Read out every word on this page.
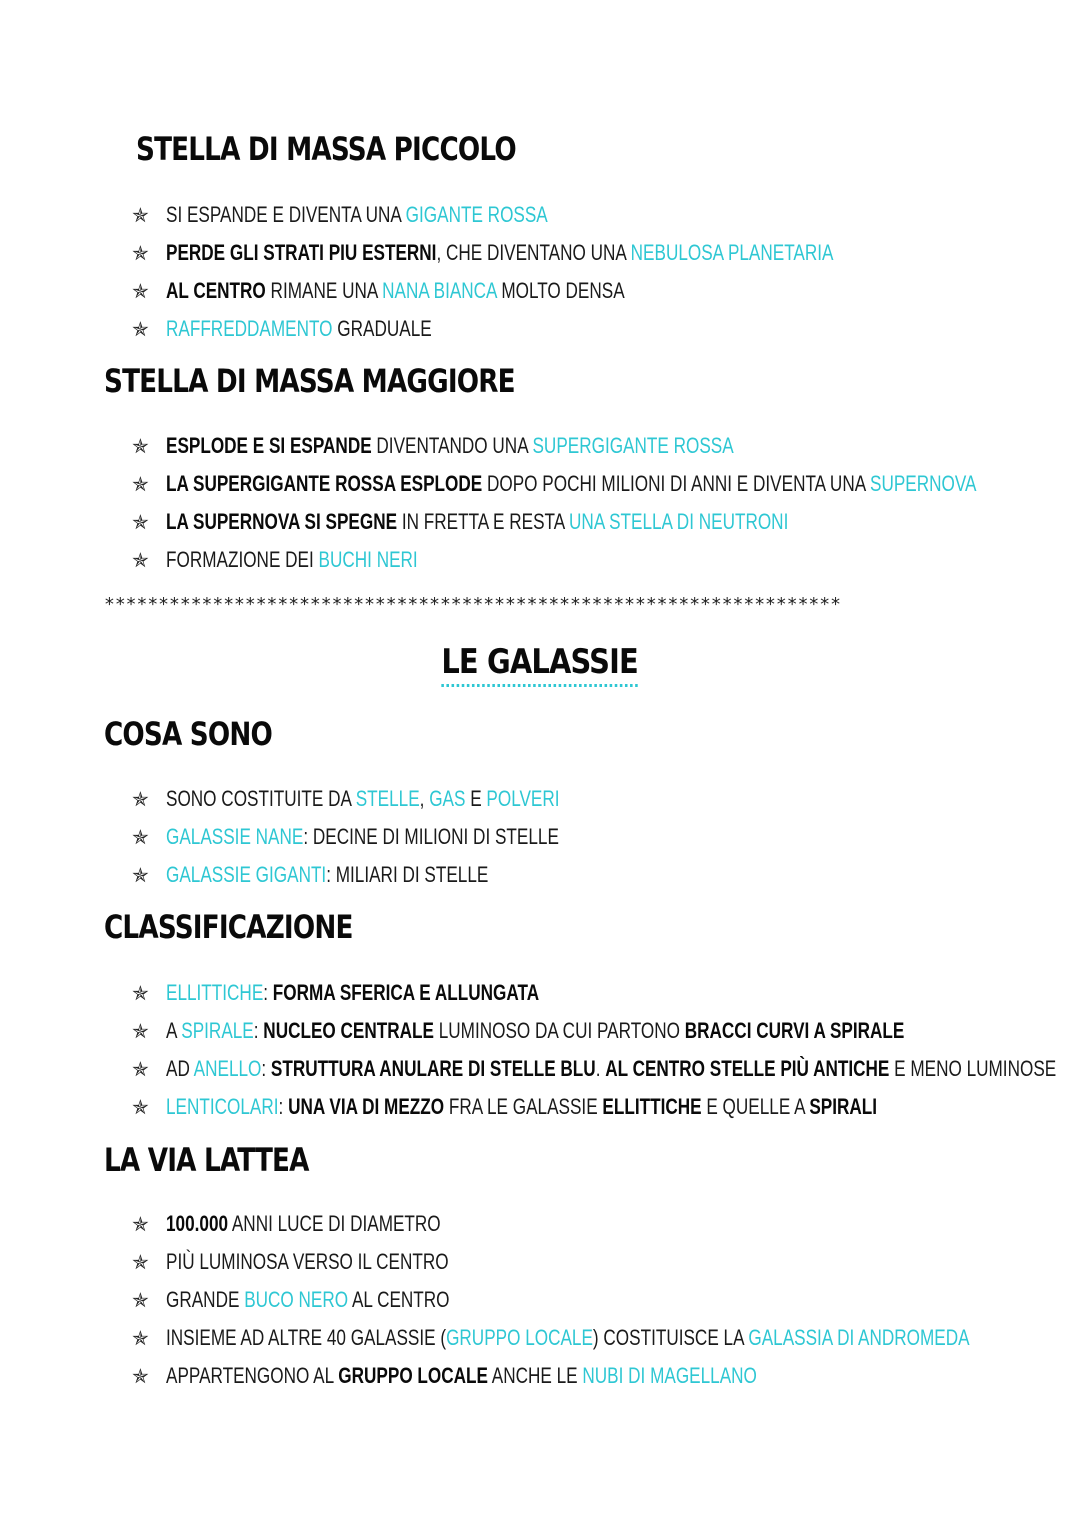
STELLA DI MASSA PICCOLO
✯ SI ESPANDE E DIVENTA UNA GIGANTE ROSSA
✯ PERDE GLI STRATI PIU ESTERNI, CHE DIVENTANO UNA NEBULOSA PLANETARIA
✯ AL CENTRO RIMANE UNA NANA BIANCA MOLTO DENSA
✯ RAFFREDDAMENTO GRADUALE
STELLA DI MASSA MAGGIORE
✯ ESPLODE E SI ESPANDE DIVENTANDO UNA SUPERGIGANTE ROSSA
✯ LA SUPERGIGANTE ROSSA ESPLODE DOPO POCHI MILIONI DI ANNI E DIVENTA UNA SUPERNOVA
✯ LA SUPERNOVA SI SPEGNE IN FRETTA E RESTA UNA STELLA DI NEUTRONI
✯ FORMAZIONE DEI BUCHI NERI
********************************************************************
LE GALASSIE
COSA SONO
✯ SONO COSTITUITE DA STELLE, GAS E POLVERI
✯ GALASSIE NANE: DECINE DI MILIONI DI STELLE
✯ GALASSIE GIGANTI: MILIARI DI STELLE
CLASSIFICAZIONE
✯ ELLITTICHE: FORMA SFERICA E ALLUNGATA
✯ A SPIRALE: NUCLEO CENTRALE LUMINOSO DA CUI PARTONO BRACCI CURVI A SPIRALE
✯ AD ANELLO: STRUTTURA ANULARE DI STELLE BLU. AL CENTRO STELLE PIÙ ANTICHE E MENO LUMINOSE
✯ LENTICOLARI: UNA VIA DI MEZZO FRA LE GALASSIE ELLITTICHE E QUELLE A SPIRALI
LA VIA LATTEA
✯ 100.000 ANNI LUCE DI DIAMETRO
✯ PIÙ LUMINOSA VERSO IL CENTRO
✯ GRANDE BUCO NERO AL CENTRO
✯ INSIEME AD ALTRE 40 GALASSIE (GRUPPO LOCALE) COSTITUISCE LA GALASSIA DI ANDROMEDA
✯ APPARTENGONO AL GRUPPO LOCALE ANCHE LE NUBI DI MAGELLANO
